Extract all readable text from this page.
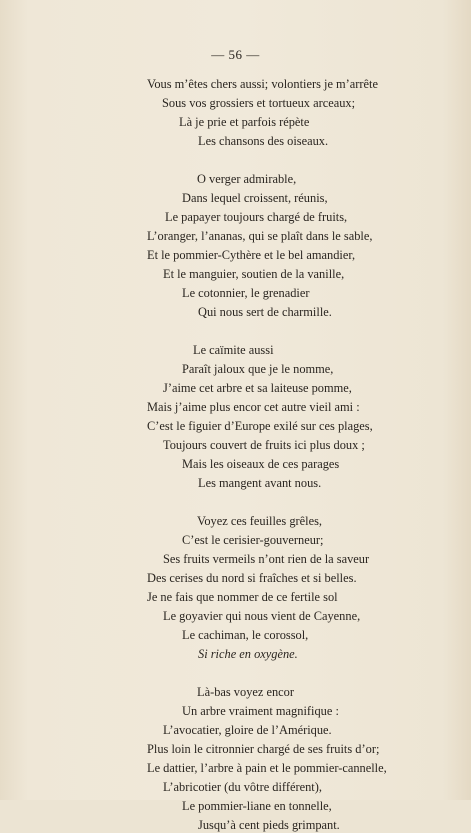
— 56 —
Vous m’êtes chers aussi; volontiers je m’arrête
Sous vos grossiers et tortueux arceaux;
Là je prie et parfois répète
Les chansons des oiseaux.
O verger admirable,
Dans lequel croissent, réunis,
Le papayer toujours chargé de fruits,
L’oranger, l’ananas, qui se plaît dans le sable,
Et le pommier-Cythère et le bel amandier,
Et le manguier, soutien de la vanille,
Le cotonnier, le grenadier
Qui nous sert de charmille.
Le caïmite aussi
Paraît jaloux que je le nomme,
J’aime cet arbre et sa laiteuse pomme,
Mais j’aime plus encor cet autre vieil ami :
C’est le figuier d’Europe exilé sur ces plages,
Toujours couvert de fruits ici plus doux ;
Mais les oiseaux de ces parages
Les mangent avant nous.
Voyez ces feuilles grêles,
C’est le cerisier-gouverneur;
Ses fruits vermeils n’ont rien de la saveur
Des cerises du nord si fraîches et si belles.
Je ne fais que nommer de ce fertile sol
Le goyavier qui nous vient de Cayenne,
Le cachiman, le corossol,
Si riche en oxygène.
Là-bas voyez encor
Un arbre vraiment magnifique :
L’avocatier, gloire de l’Amérique.
Plus loin le citronnier chargé de ses fruits d’or;
Le dattier, l’arbre à pain et le pommier-cannelle,
L’abricotier (du vôtre différent),
Le pommier-liane en tonnelle,
Jusqu’à cent pieds grimpant.
